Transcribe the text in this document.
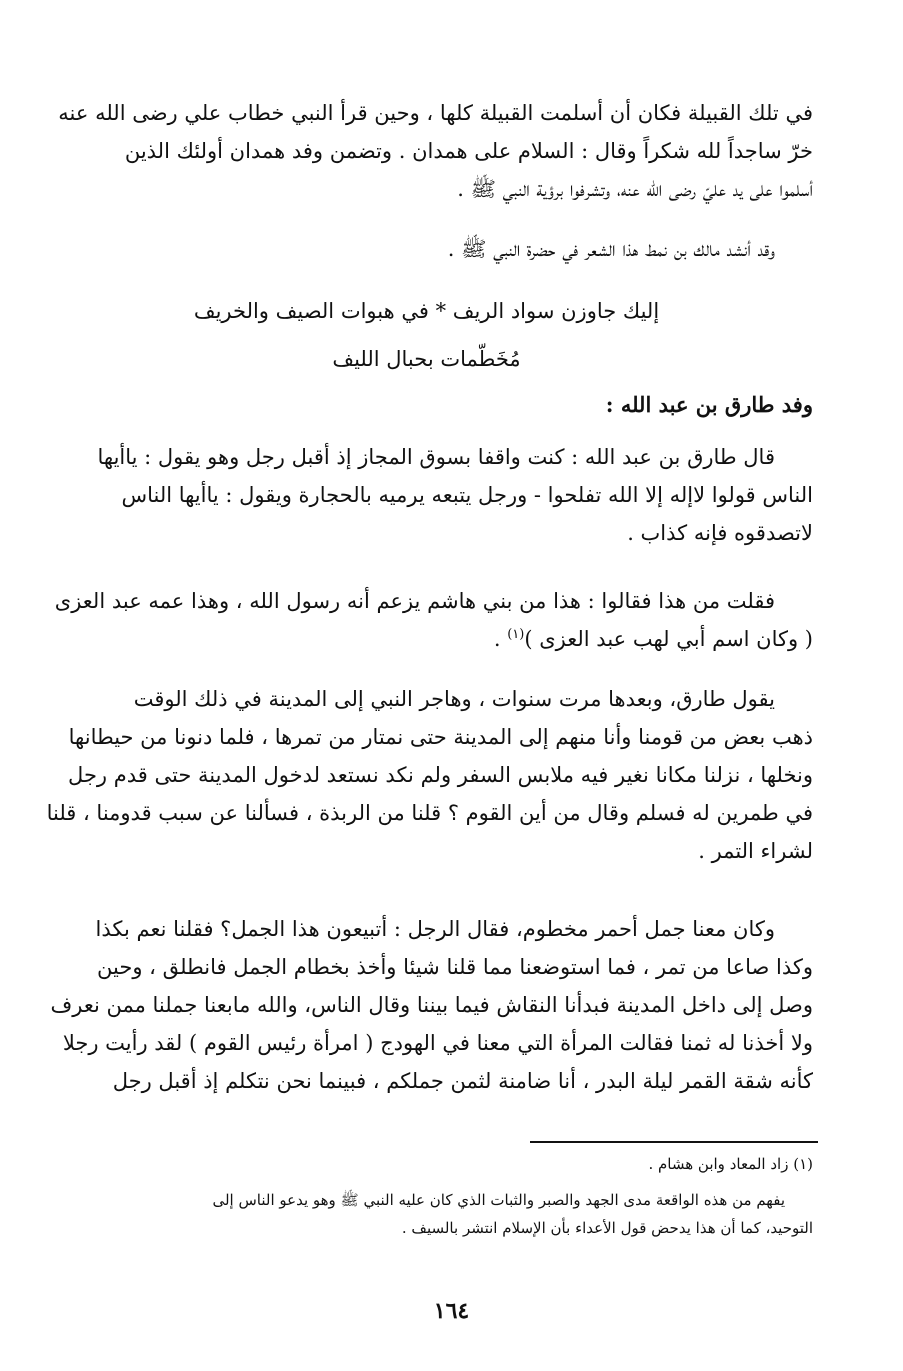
في تلك القبيلة فكان أن أسلمت القبيلة كلها ، وحين قرأ النبي خطاب علي رضى الله عنه
خرّ ساجداً لله شكراً وقال : السلام على همدان . وتضمن وفد همدان أولئك الذين
أسلموا على يد عليّ رضى الله عنه، وتشرفوا برؤية النبي ﷺ .
وقد أنشد مالك بن نمط هذا الشعر في حضرة النبي ﷺ .
إليك جاوزن سواد الريف * في هبوات الصيف والخريف
مُخَطّمات بحبال الليف
وفد طارق بن عبد الله :
قال طارق بن عبد الله : كنت واقفا بسوق المجاز إذ أقبل رجل وهو يقول : ياأيها
الناس قولوا لاإله إلا الله تفلحوا - ورجل يتبعه يرميه بالحجارة ويقول : ياأيها الناس
لاتصدقوه فإنه كذاب .
فقلت من هذا فقالوا : هذا من بني هاشم يزعم أنه رسول الله ، وهذا عمه عبد العزى
( وكان اسم أبي لهب عبد العزى )$^{(١)}$ .
يقول طارق، وبعدها مرت سنوات ، وهاجر النبي إلى المدينة في ذلك الوقت
ذهب بعض من قومنا وأنا منهم إلى المدينة حتى نمتار من تمرها ، فلما دنونا من حيطانها
ونخلها ، نزلنا مكانا نغير فيه ملابس السفر ولم نكد نستعد لدخول المدينة حتى قدم رجل
في طمرين له فسلم وقال من أين القوم ؟ قلنا من الربذة ، فسألنا عن سبب قدومنا ، قلنا
لشراء التمر .
وكان معنا جمل أحمر مخطوم، فقال الرجل : أتبيعون هذا الجمل؟ فقلنا نعم بكذا
وكذا صاعا من تمر ، فما استوضعنا مما قلنا شيئا وأخذ بخطام الجمل فانطلق ، وحين
وصل إلى داخل المدينة فبدأنا النقاش فيما بيننا وقال الناس، والله مابعنا جملنا ممن نعرف
ولا أخذنا له ثمنا فقالت المرأة التي معنا في الهودج ( امرأة رئيس القوم ) لقد رأيت رجلا
كأنه شقة القمر ليلة البدر ، أنا ضامنة لثمن جملكم ، فبينما نحن نتكلم إذ أقبل رجل
(١) زاد المعاد وابن هشام .
يفهم من هذه الواقعة مدى الجهد والصبر والثبات الذي كان عليه النبي ﷺ وهو يدعو الناس إلى
التوحيد، كما أن هذا يدحض قول الأعداء بأن الإسلام انتشر بالسيف .
١٦٤
